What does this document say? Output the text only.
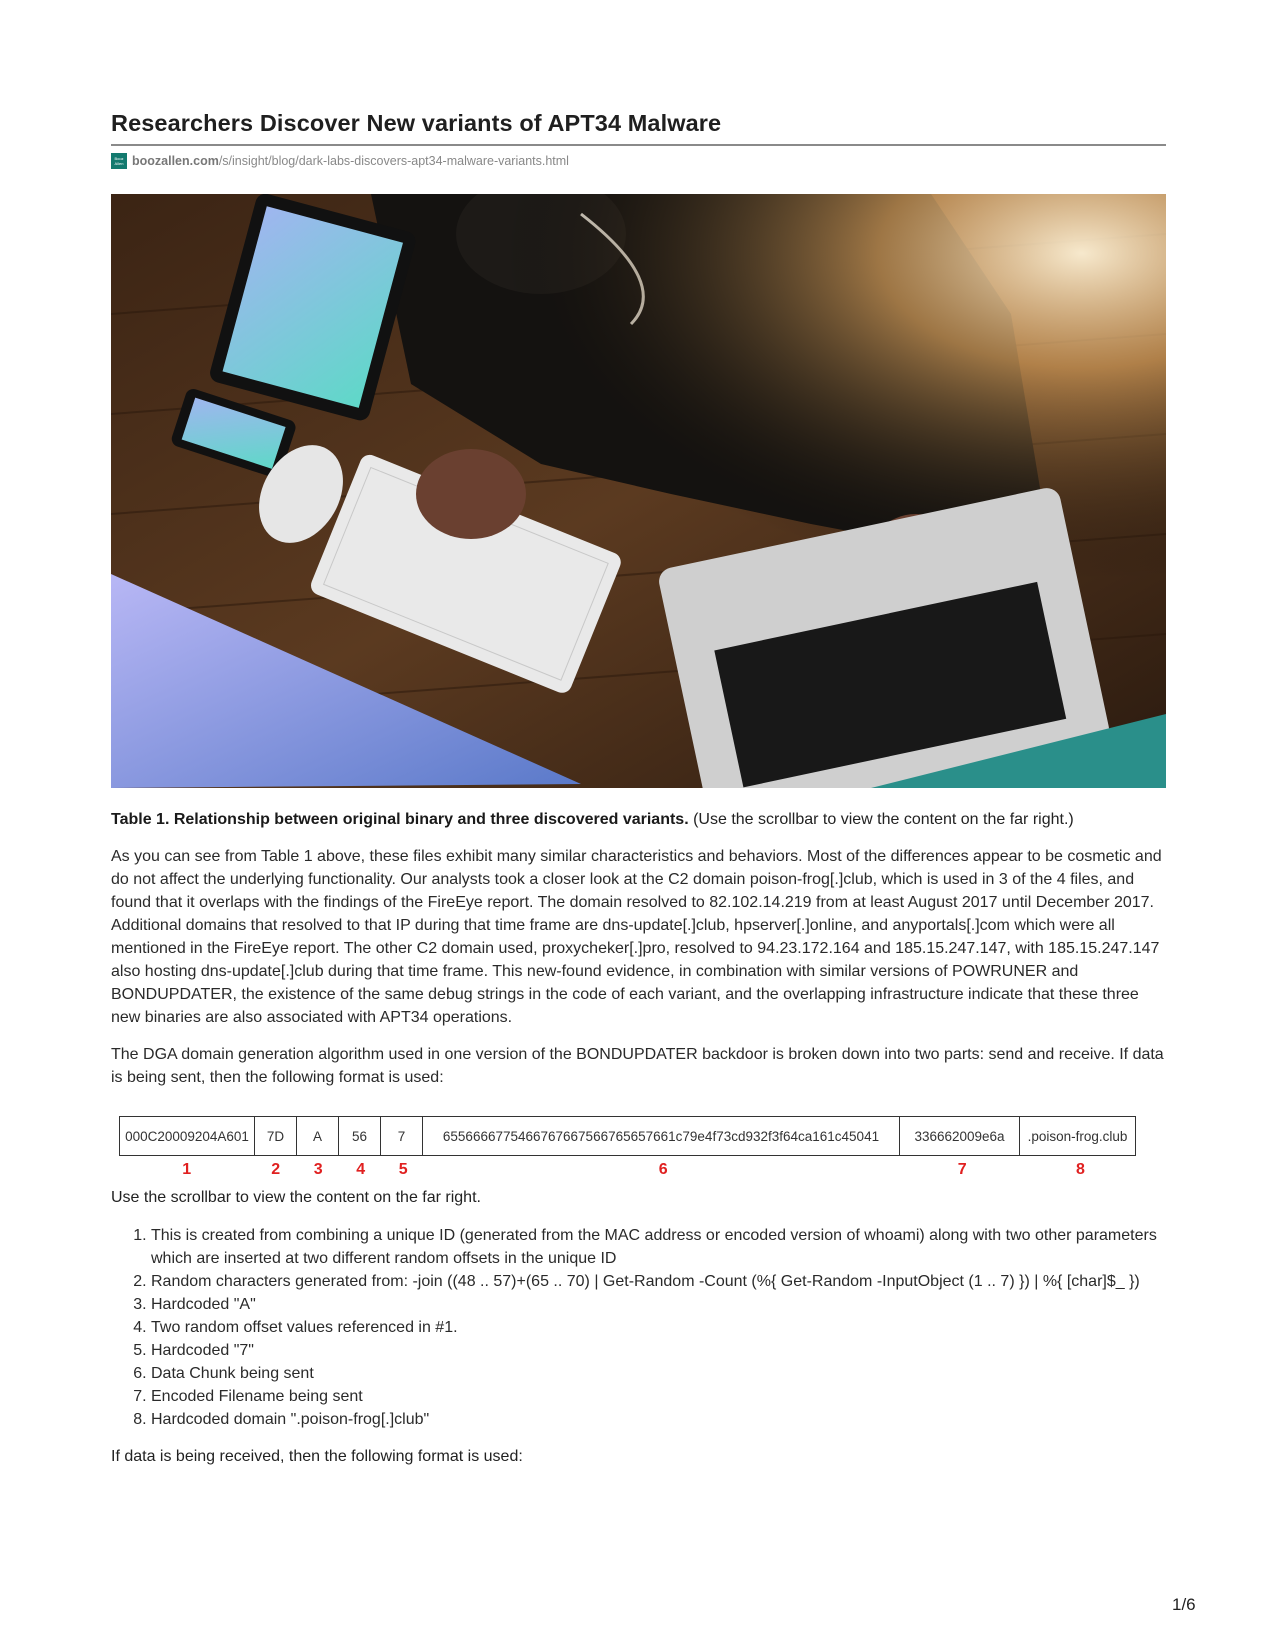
Researchers Discover New variants of APT34 Malware
Booz
Allen boozallen.com/s/insight/blog/dark-labs-discovers-apt34-malware-variants.html

Table 1. Relationship between original binary and three discovered variants. (Use the scrollbar to view the content on the far right.)

As you can see from Table 1 above, these files exhibit many similar characteristics and behaviors. Most of the differences appear to be cosmetic and do not affect the underlying functionality. Our analysts took a closer look at the C2 domain poison-frog[.]club, which is used in 3 of the 4 files, and found that it overlaps with the findings of the FireEye report. The domain resolved to 82.102.14.219 from at least August 2017 until December 2017. Additional domains that resolved to that IP during that time frame are dns-update[.]club, hpserver[.]online, and anyportals[.]com which were all mentioned in the FireEye report. The other C2 domain used, proxycheker[.]pro, resolved to 94.23.172.164 and 185.15.247.147, with 185.15.247.147 also hosting dns-update[.]club during that time frame. This new-found evidence, in combination with similar versions of POWRUNER and BONDUPDATER, the existence of the same debug strings in the code of each variant, and the overlapping infrastructure indicate that these three new binaries are also associated with APT34 operations.

The DGA domain generation algorithm used in one version of the BONDUPDATER backdoor is broken down into two parts: send and receive. If data is being sent, then the following format is used:

000C20009204A601	7D	A	56	7	6556666775466767667566765657661c79e4f73cd932f3f64ca161c45041	336662009e6a	.poison-frog.club
1	2	3	4	5	6	7	8
Use the scrollbar to view the content on the far right.
1. This is created from combining a unique ID (generated from the MAC address or encoded version of whoami) along with two other parameters which are inserted at two different random offsets in the unique ID
2. Random characters generated from: -join ((48 .. 57)+(65 .. 70) | Get-Random -Count (%{ Get-Random -InputObject (1 .. 7) }) | %{ [char]$_ })
3. Hardcoded "A"
4. Two random offset values referenced in #1.
5. Hardcoded "7"
6. Data Chunk being sent
7. Encoded Filename being sent
8. Hardcoded domain ".poison-frog[.]club"

If data is being received, then the following format is used:

1/6
